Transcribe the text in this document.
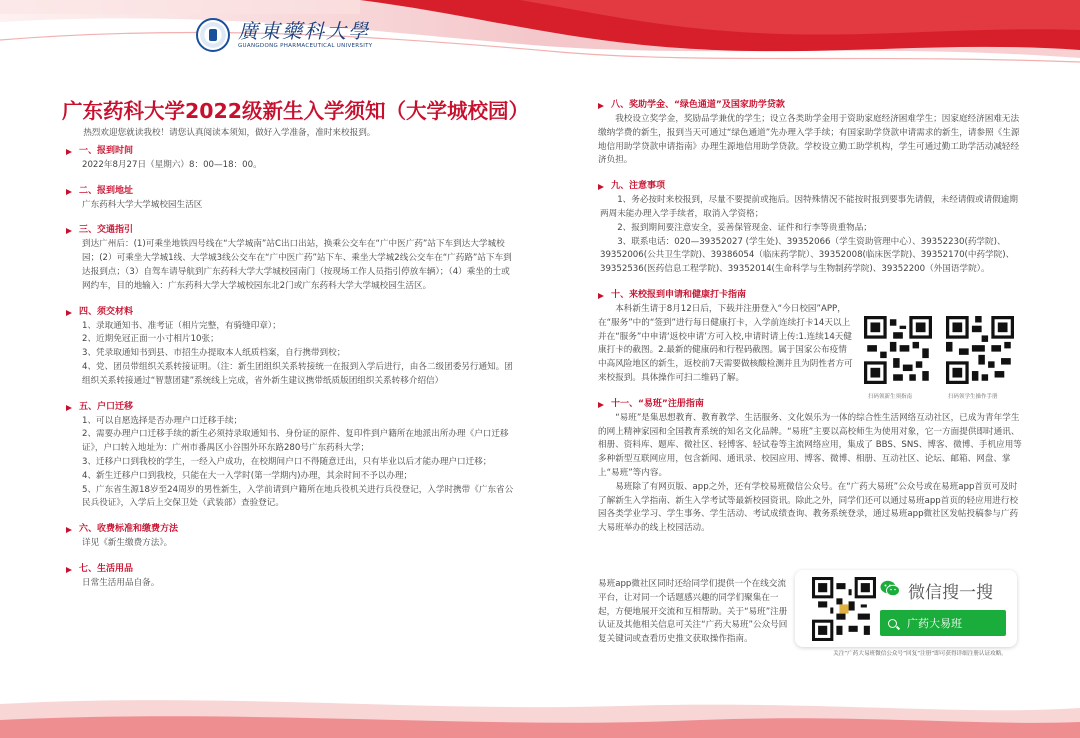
廣東藥科大學
GUANGDONG PHARMACEUTICAL UNIVERSITY
广东药科大学2022级新生入学须知（大学城校园）
热烈欢迎您就读我校！请您认真阅读本须知，做好入学准备，准时来校报到。
一、报到时间
2022年8月27日（星期六）8：00—18：00。
二、报到地址
广东药科大学大学城校园生活区
三、交通指引
到达广州后：(1)可乘坐地铁四号线在“大学城南”站C出口出站，换乘公交车在“广中医广药”站下车到达大学城校园；(2）可乘坐大学城1线、大学城3线公交车在“广中医广药”站下车、乘坐大学城2线公交车在“广药路”站下车到达报到点；（3）自驾车请导航到广东药科大学大学城校园南门（按现场工作人员指引停放车辆）；（4）乘坐的士或网约车，目的地输入：广东药科大学大学城校园东北2门或广东药科大学大学城校园生活区。
四、须交材料
1、录取通知书、准考证（相片完整，有骑缝印章）；
2、近期免冠正面一小寸相片10张；
3、凭录取通知书到县、市招生办提取本人纸质档案，自行携带到校；
4、党、团员带组织关系转接证明。（注：新生团组织关系转接统一在报到入学后进行，由各二级团委另行通知。团组织关系转接通过“智慧团建”系统线上完成，省外新生建议携带纸质版团组织关系转移介绍信）
五、户口迁移
1、可以自愿选择是否办理户口迁移手续；
2、需要办理户口迁移手续的新生必须持录取通知书、身份证的原件、复印件到户籍所在地派出所办理《户口迁移证》，户口转入地址为：广州市番禺区小谷围外环东路280号广东药科大学；
3、迁移户口到我校的学生，一经入户成功，在校期间户口不得随意迁出，只有毕业以后才能办理户口迁移；
4、新生迁移户口到我校，只能在大一入学时(第一学期内)办理，其余时间不予以办理；
5、广东省生源18岁至24周岁的男性新生，入学前请到户籍所在地兵役机关进行兵役登记，入学时携带《广东省公民兵役证》，入学后上交保卫处（武装部）查验登记。
六、收费标准和缴费方法
详见《新生缴费方法》。
七、生活用品
日常生活用品自备。
八、奖助学金、“绿色通道”及国家助学贷款
我校设立奖学金，奖励品学兼优的学生；设立各类助学金用于资助家庭经济困难学生；因家庭经济困难无法缴纳学费的新生，报到当天可通过“绿色通道”先办理入学手续；有国家助学贷款申请需求的新生，请参照《生源地信用助学贷款申请指南》办理生源地信用助学贷款。学校设立勤工助学机构，学生可通过勤工助学活动减轻经济负担。
九、注意事项
1、务必按时来校报到，尽量不要提前或拖后。因特殊情况不能按时报到要事先请假，未经请假或请假逾期两周未能办理入学手续者，取消入学资格；
2、报到期间要注意安全，妥善保管现金、证件和行李等贵重物品；
3、联系电话：020—39352027 (学生处)、39352066（学生资助管理中心）、39352230(药学院)、39352006(公共卫生学院)、39386054（临床药学院）、39352008(临床医学院)、39352170(中药学院)、39352536(医药信息工程学院)、39352014(生命科学与生物制药学院)、39352200（外国语学院）。
十、来校报到申请和健康打卡指南
本科新生请于8月12日后，下载并注册登入“今日校园”APP，在“服务”中的“签到”进行每日健康打卡，入学前连续打卡14天以上并在“服务”中申请‘返校申请’方可入校,申请时请上传:1.连续14天健康打卡的截图。2.最新的健康码和行程码截图。属于国家公布疫情中高风险地区的新生，返校前7天需要做核酸检测并且为阴性者方可来校报到。具体操作可扫二维码了解。
十一、“易班”注册指南
“易班”是集思想教育、教育教学、生活服务、文化娱乐为一体的综合性生活网络互动社区，已成为青年学生的网上精神家园和全国教育系统的知名文化品牌。“易班”主要以高校师生为使用对象，它一方面提供即时通讯、相册、资料库、题库、微社区、轻博客、轻试卷等主流网络应用，集成了 BBS、SNS、博客、微博、手机应用等多种新型互联网应用，包含新闻、通讯录、校园应用、博客、微博、相册、互动社区、论坛、邮箱、网盘、掌上“易班”等内容。
易班除了有网页版、app之外，还有学校易班微信公众号。在“广药大易班”公众号或在易班app首页可及时了解新生入学指南、新生入学考试等最新校园资讯。除此之外，同学们还可以通过易班app首页的轻应用进行校园各类学业学习、学生事务、学生活动、考试成绩查询、教务系统登录，通过易班app微社区发帖投稿参与广药大易班举办的线上校园活动。
扫码领新生须指南	扫码领学生操作手册
易班app微社区同时还给同学们提供一个在线交流平台，让对同一个话题感兴趣的同学们聚集在一起，方便地展开交流和互相帮助。关于“易班”注册认证及其他相关信息可关注“广药大易班”公众号回复关键词或查看历史推文获取操作指南。
微信搜一搜
广药大易班
关注“广药大易班微信公众号”回复“注册”即可获得详细注册认证攻略。
